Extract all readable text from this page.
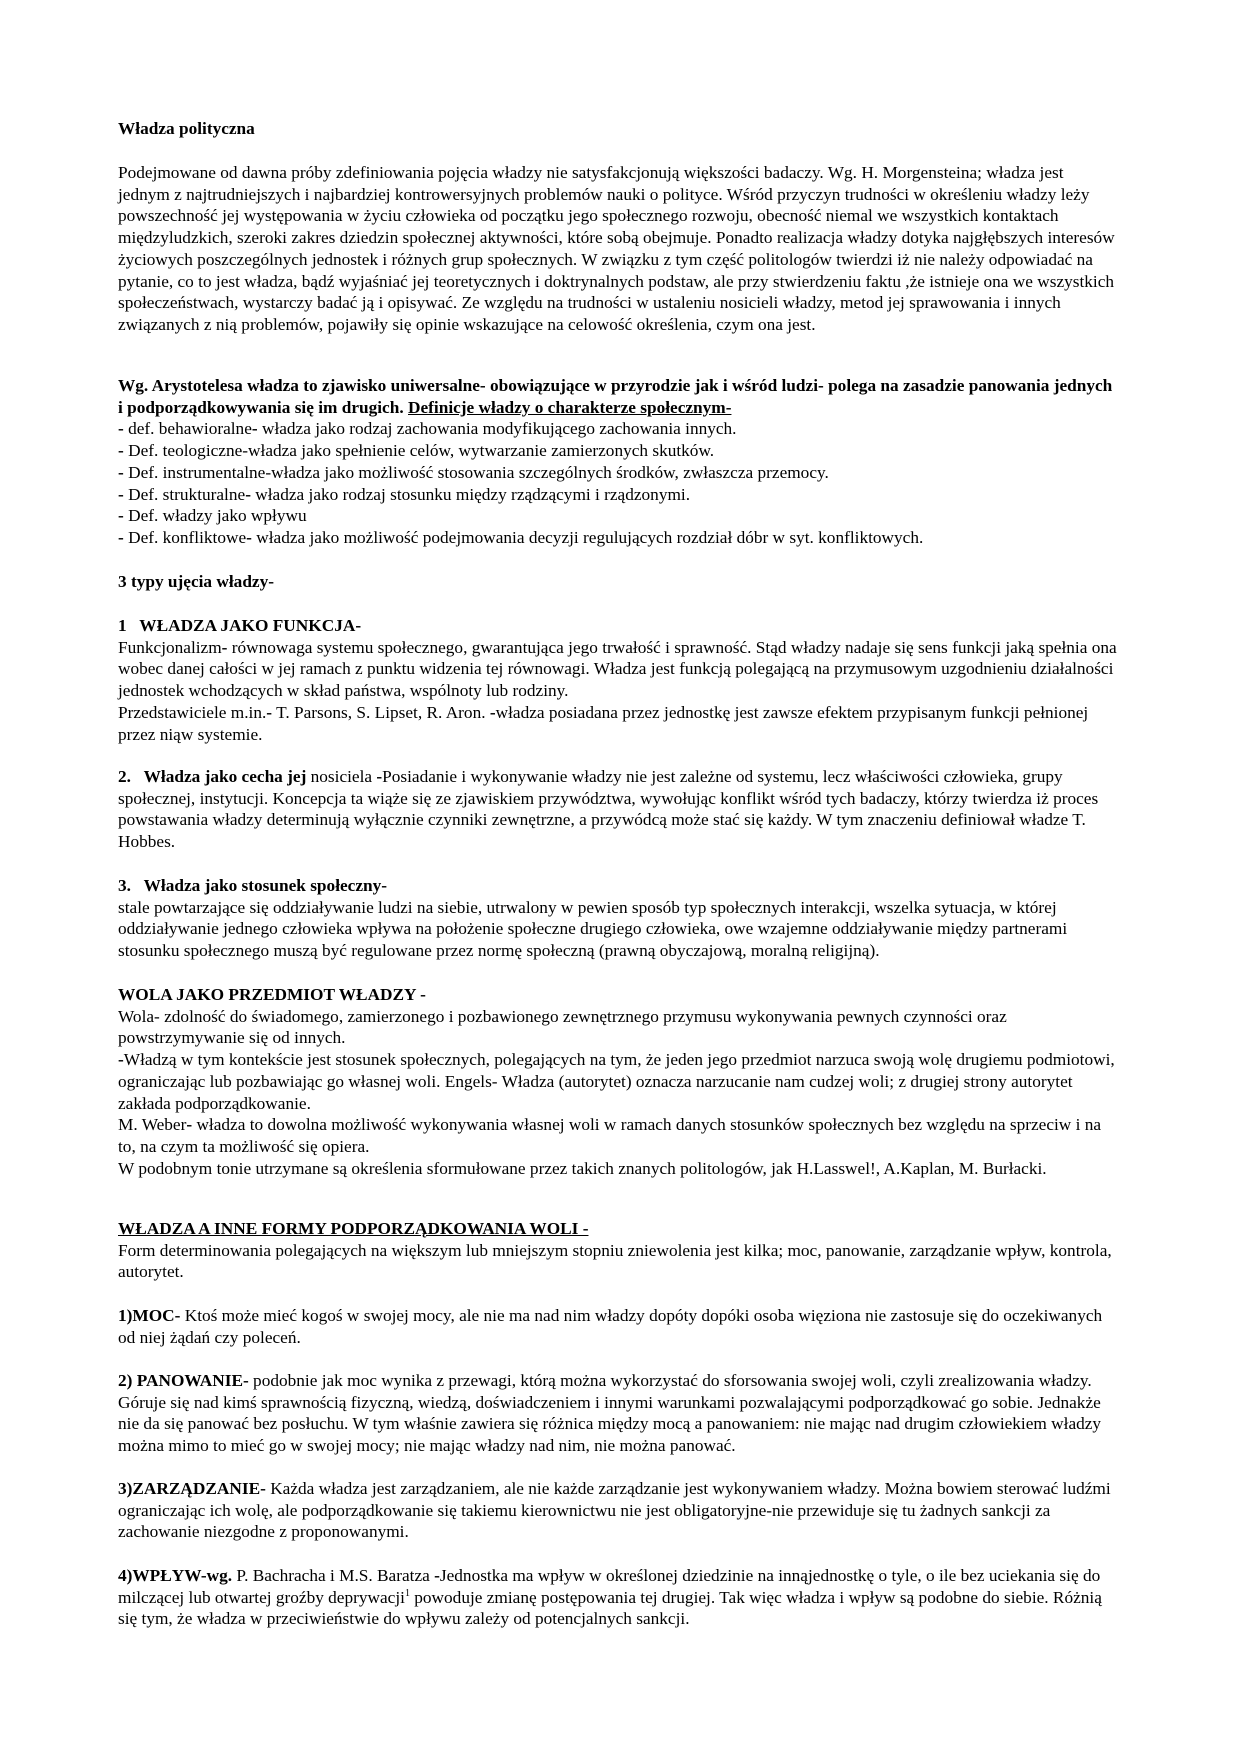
Władza polityczna

Podejmowane od dawna próby zdefiniowania pojęcia władzy nie satysfakcjonują większości badaczy. Wg. H. Morgensteina; władza jest jednym z najtrudniejszych i najbardziej kontrowersyjnych problemów nauki o polityce. Wśród przyczyn trudności w określeniu władzy leży powszechność jej występowania w życiu człowieka od początku jego społecznego rozwoju, obecność niemal we wszystkich kontaktach międzyludzkich, szeroki zakres dziedzin społecznej aktywności, które sobą obejmuje. Ponadto realizacja władzy dotyka najgłębszych interesów życiowych poszczególnych jednostek i różnych grup społecznych. W związku z tym część politologów twierdzi iż nie należy odpowiadać na pytanie, co to jest władza, bądź wyjaśniać jej teoretycznych i doktrynalnych podstaw, ale przy stwierdzeniu faktu ,że istnieje ona we wszystkich społeczeństwach, wystarczy badać ją i opisywać. Ze względu na trudności w ustaleniu nosicieli władzy, metod jej sprawowania i innych związanych z nią problemów, pojawiły się opinie wskazujące na celowość określenia, czym ona jest.

Wg. Arystotelesa władza to zjawisko uniwersalne- obowiązujące w przyrodzie jak i wśród ludzi- polega na zasadzie panowania jednych i podporządkowywania się im drugich. Definicje władzy o charakterze społecznym-

- def. behawioralne- władza jako rodzaj zachowania modyfikującego zachowania innych.

- Def. teologiczne-władza jako spełnienie celów, wytwarzanie zamierzonych skutków.

- Def. instrumentalne-władza jako możliwość stosowania szczególnych środków, zwłaszcza przemocy.

- Def. strukturalne- władza jako rodzaj stosunku między rządzącymi i rządzonymi.

- Def. władzy jako wpływu

- Def. konfliktowe- władza jako możliwość podejmowania decyzji regulujących rozdział dóbr w syt. konfliktowych.

3 typy ujęcia władzy-

1   WŁADZA JAKO FUNKCJA-

Funkcjonalizm- równowaga systemu społecznego, gwarantująca jego trwałość i sprawność. Stąd władzy nadaje się sens funkcji jaką spełnia ona wobec danej całości w jej ramach z punktu widzenia tej równowagi. Władza jest funkcją polegającą na przymusowym uzgodnieniu działalności jednostek wchodzących w skład państwa, wspólnoty lub rodziny.

Przedstawiciele m.in.- T. Parsons, S. Lipset, R. Aron. -władza posiadana przez jednostkę jest zawsze efektem przypisanym funkcji pełnionej przez niąw systemie.

2.   Władza jako cecha jej nosiciela -Posiadanie i wykonywanie władzy nie jest zależne od systemu, lecz właściwości człowieka, grupy społecznej, instytucji. Koncepcja ta wiąże się ze zjawiskiem przywództwa, wywołując konflikt wśród tych badaczy, którzy twierdza iż proces powstawania władzy determinują wyłącznie czynniki zewnętrzne, a przywódcą może stać się każdy. W tym znaczeniu definiował władze T. Hobbes.

3.   Władza jako stosunek społeczny-

stale powtarzające się oddziaływanie ludzi na siebie, utrwalony w pewien sposób typ społecznych interakcji, wszelka sytuacja, w której oddziaływanie jednego człowieka wpływa na położenie społeczne drugiego człowieka, owe wzajemne oddziaływanie między partnerami stosunku społecznego muszą być regulowane przez normę społeczną (prawną obyczajową, moralną religijną).

WOLA JAKO PRZEDMIOT WŁADZY -

Wola- zdolność do świadomego, zamierzonego i pozbawionego zewnętrznego przymusu wykonywania pewnych czynności oraz powstrzymywanie się od innych.

-Władzą w tym kontekście jest stosunek społecznych, polegających na tym, że jeden jego przedmiot narzuca swoją wolę drugiemu podmiotowi, ograniczając lub pozbawiając go własnej woli. Engels- Władza (autorytet) oznacza narzucanie nam cudzej woli; z drugiej strony autorytet zakłada podporządkowanie.

M. Weber- władza to dowolna możliwość wykonywania własnej woli w ramach danych stosunków społecznych bez względu na sprzeciw i na to, na czym ta możliwość się opiera.

W podobnym tonie utrzymane są określenia sformułowane przez takich znanych politologów, jak H.Lasswel!, A.Kaplan, M. Burłacki.

WŁADZA A INNE FORMY PODPORZĄDKOWANIA WOLI -

Form determinowania polegających na większym lub mniejszym stopniu zniewolenia jest kilka; moc, panowanie, zarządzanie wpływ, kontrola, autorytet.

1)MOC- Ktoś może mieć kogoś w swojej mocy, ale nie ma nad nim władzy dopóty dopóki osoba więziona nie zastosuje się do oczekiwanych od niej żądań czy poleceń.

2) PANOWANIE- podobnie jak moc wynika z przewagi, którą można wykorzystać do sforsowania swojej woli, czyli zrealizowania władzy. Góruje się nad kimś sprawnością fizyczną, wiedzą, doświadczeniem i innymi warunkami pozwalającymi podporządkować go sobie. Jednakże nie da się panować bez posłuchu. W tym właśnie zawiera się różnica między mocą a panowaniem: nie mając nad drugim człowiekiem władzy można mimo to mieć go w swojej mocy; nie mając władzy nad nim, nie można panować.

3)ZARZĄDZANIE- Każda władza jest zarządzaniem, ale nie każde zarządzanie jest wykonywaniem władzy. Można bowiem sterować ludźmi ograniczając ich wolę, ale podporządkowanie się takiemu kierownictwu nie jest obligatoryjne-nie przewiduje się tu żadnych sankcji za zachowanie niezgodne z proponowanymi.

4)WPŁYW-wg. P. Bachracha i M.S. Baratza -Jednostka ma wpływ w określonej dziedzinie na innąjednostkę o tyle, o ile bez uciekania się do milczącej lub otwartej groźby deprywacji$^1$ powoduje zmianę postępowania tej drugiej. Tak więc władza i wpływ są podobne do siebie. Różnią się tym, że władza w przeciwieństwie do wpływu zależy od potencjalnych sankcji.
